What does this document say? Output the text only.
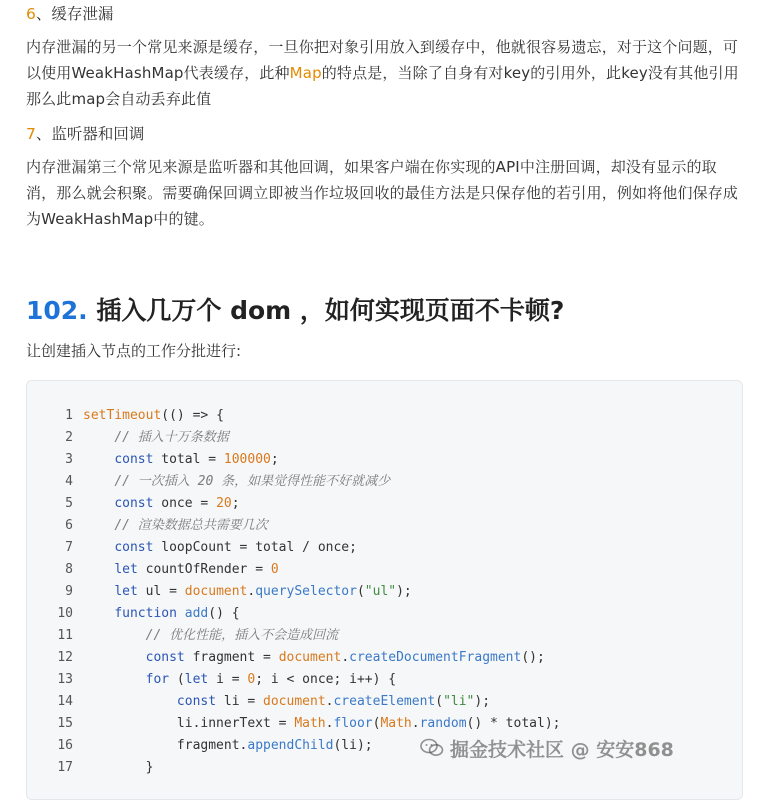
6、缓存泄漏

内存泄漏的另一个常见来源是缓存，一旦你把对象引用放入到缓存中，他就很容易遗忘，对于这个问题，可以使用WeakHashMap代表缓存，此种Map的特点是，当除了自身有对key的引用外，此key没有其他引用那么此map会自动丢弃此值

7、监听器和回调

内存泄漏第三个常见来源是监听器和其他回调，如果客户端在你实现的API中注册回调，却没有显示的取消，那么就会积聚。需要确保回调立即被当作垃圾回收的最佳方法是只保存他的若引用，例如将他们保存成为WeakHashMap中的键。

102. 插入几万个 dom ，如何实现页面不卡顿?
让创建插入节点的工作分批进行:
1 setTimeout(() => {
2	// 插入十万条数据
3	const total = 100000;
4	// 一次插入 20 条，如果觉得性能不好就减少
5	const once = 20;
6	// 渲染数据总共需要几次
7	const loopCount = total / once;
8	let countOfRender = 0
9	let ul = document.querySelector("ul");
10	function add() {
11	// 优化性能，插入不会造成回流
12	const fragment = document.createDocumentFragment();
13	for (let i = 0; i < once; i++) {
14	const li = document.createElement("li");
15 li.innerText = Math.floor(Math.random() * total);
16 fragment.appendChild(li);
17 }
掘金技术社区 @ 安安868
